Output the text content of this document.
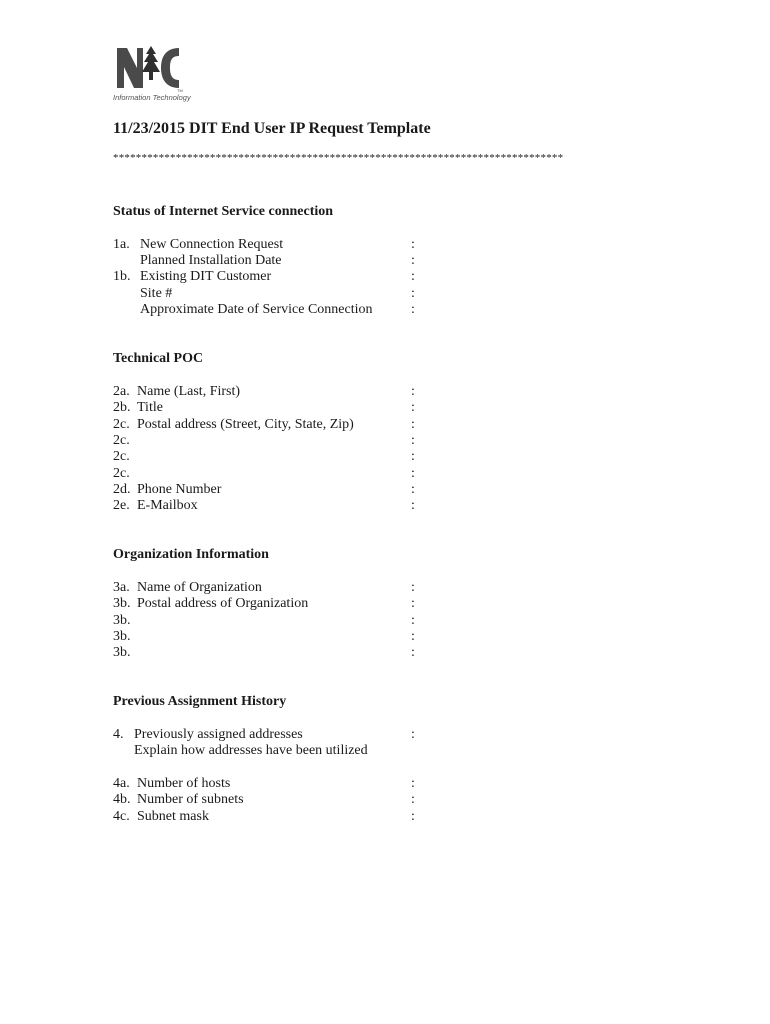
TM
Information Technology
11/23/2015 DIT End User IP Request Template
*******************************************************************************
Status of Internet Service connection
1a. New Connection Request	:
Planned Installation Date	:
1b. Existing DIT Customer	:
Site #	:
Approximate Date of Service Connection	:
Technical POC
2a. Name (Last, First)	:
2b. Title	:
2c. Postal address (Street, City, State, Zip)	:
2c.	:
2c.	:
2c.	:
2d. Phone Number	:
2e. E-Mailbox	:
Organization Information
3a. Name of Organization	:
3b. Postal address of Organization	:
3b.	:
3b.	:
3b.	:
Previous Assignment History
4. Previously assigned addresses	:
Explain how addresses have been utilized
4a. Number of hosts	:
4b. Number of subnets	:
4c. Subnet mask	:
